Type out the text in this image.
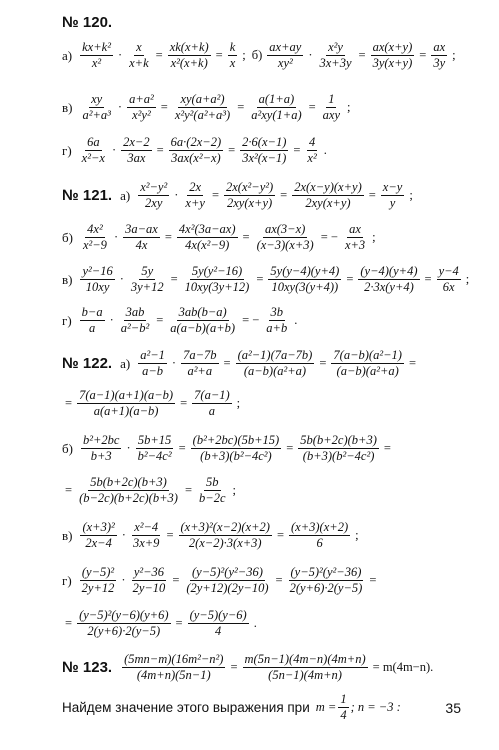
№ 120.
$а) \frac{\text{kx+k²}}{\text{x²}} \cdot \frac{x}{x+k} = \frac{xk(x+k)}{\text{x²(x+k)}} = \frac{k}{x}$ ; $б) \frac{ax+ay}{\text{xy²}} \cdot \frac{\text{x²y}}{3x+3y} = \frac{ax(x+y)}{3y(x+y)} = \frac{ax}{3y}$ ;
$в) \frac{xy}{\text{a²+a³}} \cdot \frac{\text{a+a²}}{\text{x²y²}} = \frac{\text{xy(a+a²)}}{\text{x²y²(a²+a³)}} = \frac{a(1+a)}{\text{a²xy(1+a)}} = \frac{1}{\text{axy}}$ ;
$г) \frac{6a}{\text{x²−x}} \cdot \frac{2x-2}{3ax} = \frac{6a\cdot(2x-2)}{\text{3ax(x²−x)}} = \frac{2\cdot 6(x-1)}{\text{3x²(x−1)}} = \frac{4}{\text{x²}}$ .
№ 121. $а) \frac{\text{x²−y²}}{2xy} \cdot \frac{2x}{x+y} = \frac{\text{2x(x²−y²)}}{2xy(x+y)} = \frac{2x(x-y)(x+y)}{2xy(x+y)} = \frac{x-y}{y}$ ;
$б) \frac{\text{4x²}}{\text{x²−9}} \cdot \frac{3a-ax}{4x} = \frac{\text{4x²(3a−ax)}}{\text{4x(x²−9)}} = \frac{ax(3-x)}{(x-3)(x+3)}$ = − $\frac{ax}{x+3}$ ;
$в) \frac{\text{y²−16}}{10xy} \cdot \frac{5y}{3y+12} = \frac{\text{5y(y²−16)}}{10xy(3y+12)} = \frac{5y(y-4)(y+4)}{10xy(3(y+4))} = \frac{(y-4)(y+4)}{2\cdot 3x(y+4)} = \frac{y-4}{6x}$ ;
$г) \frac{b-a}{a} \cdot \frac{3ab}{\text{a²−b²}} = \frac{3ab(b-a)}{a(a-b)(a+b)}$ = − $\frac{3b}{a+b}$ .
№ 122. $а) \frac{\text{a²−1}}{a-b} \cdot \frac{7a-7b}{\text{a²+a}} = \frac{\text{(a²−1)(7a−7b)}}{\text{(a−b)(a²+a)}} = \frac{\text{7(a−b)(a²−1)}}{\text{(a−b)(a²+a)}}$ =
= $\frac{7(a-1)(a+1)(a-b)}{a(a+1)(a-b)} = \frac{7(a-1)}{a}$ ;
$б) \frac{\text{b²+2bc}}{b+3} \cdot \frac{5b+15}{\text{b²−4c²}} = \frac{\text{(b²+2bc)(5b+15)}}{\text{(b+3)(b²−4c²)}} = \frac{5b(b+2c)(b+3)}{\text{(b+3)(b²−4c²)}}$ =
= $\frac{5b(b+2c)(b+3)}{(b-2c)(b+2c)(b+3)} = \frac{5b}{b-2c}$ ;
$в) \frac{\text{(x+3)²}}{2x-4} \cdot \frac{\text{x²−4}}{3x+9} = \frac{\text{(x+3)²(x−2)(x+2)}}{2(x-2)\cdot 3(x+3)} = \frac{(x+3)(x+2)}{6}$ ;
$г) \frac{\text{(y−5)²}}{2y+12} \cdot \frac{\text{y²−36}}{2y-10} = \frac{\text{(y−5)²(y²−36)}}{(2y+12)(2y-10)} = \frac{\text{(y−5)²(y²−36)}}{2(y+6)\cdot 2(y-5)}$ =
= $\frac{\text{(y−5)²(y−6)(y+6)}}{2(y+6)\cdot 2(y-5)} = \frac{(y-5)(y-6)}{4}$ .
№ 123. $\frac{\text{(5mn−m)(16m²−n²)}}{(4m+n)(5n-1)} = \frac{m(5n-1)(4m-n)(4m+n)}{(5n-1)(4m+n)} = m(4m-n)$.
Найдем значение этого выражения при $m = \frac{1}{4}$ ; n = −3 :	35
